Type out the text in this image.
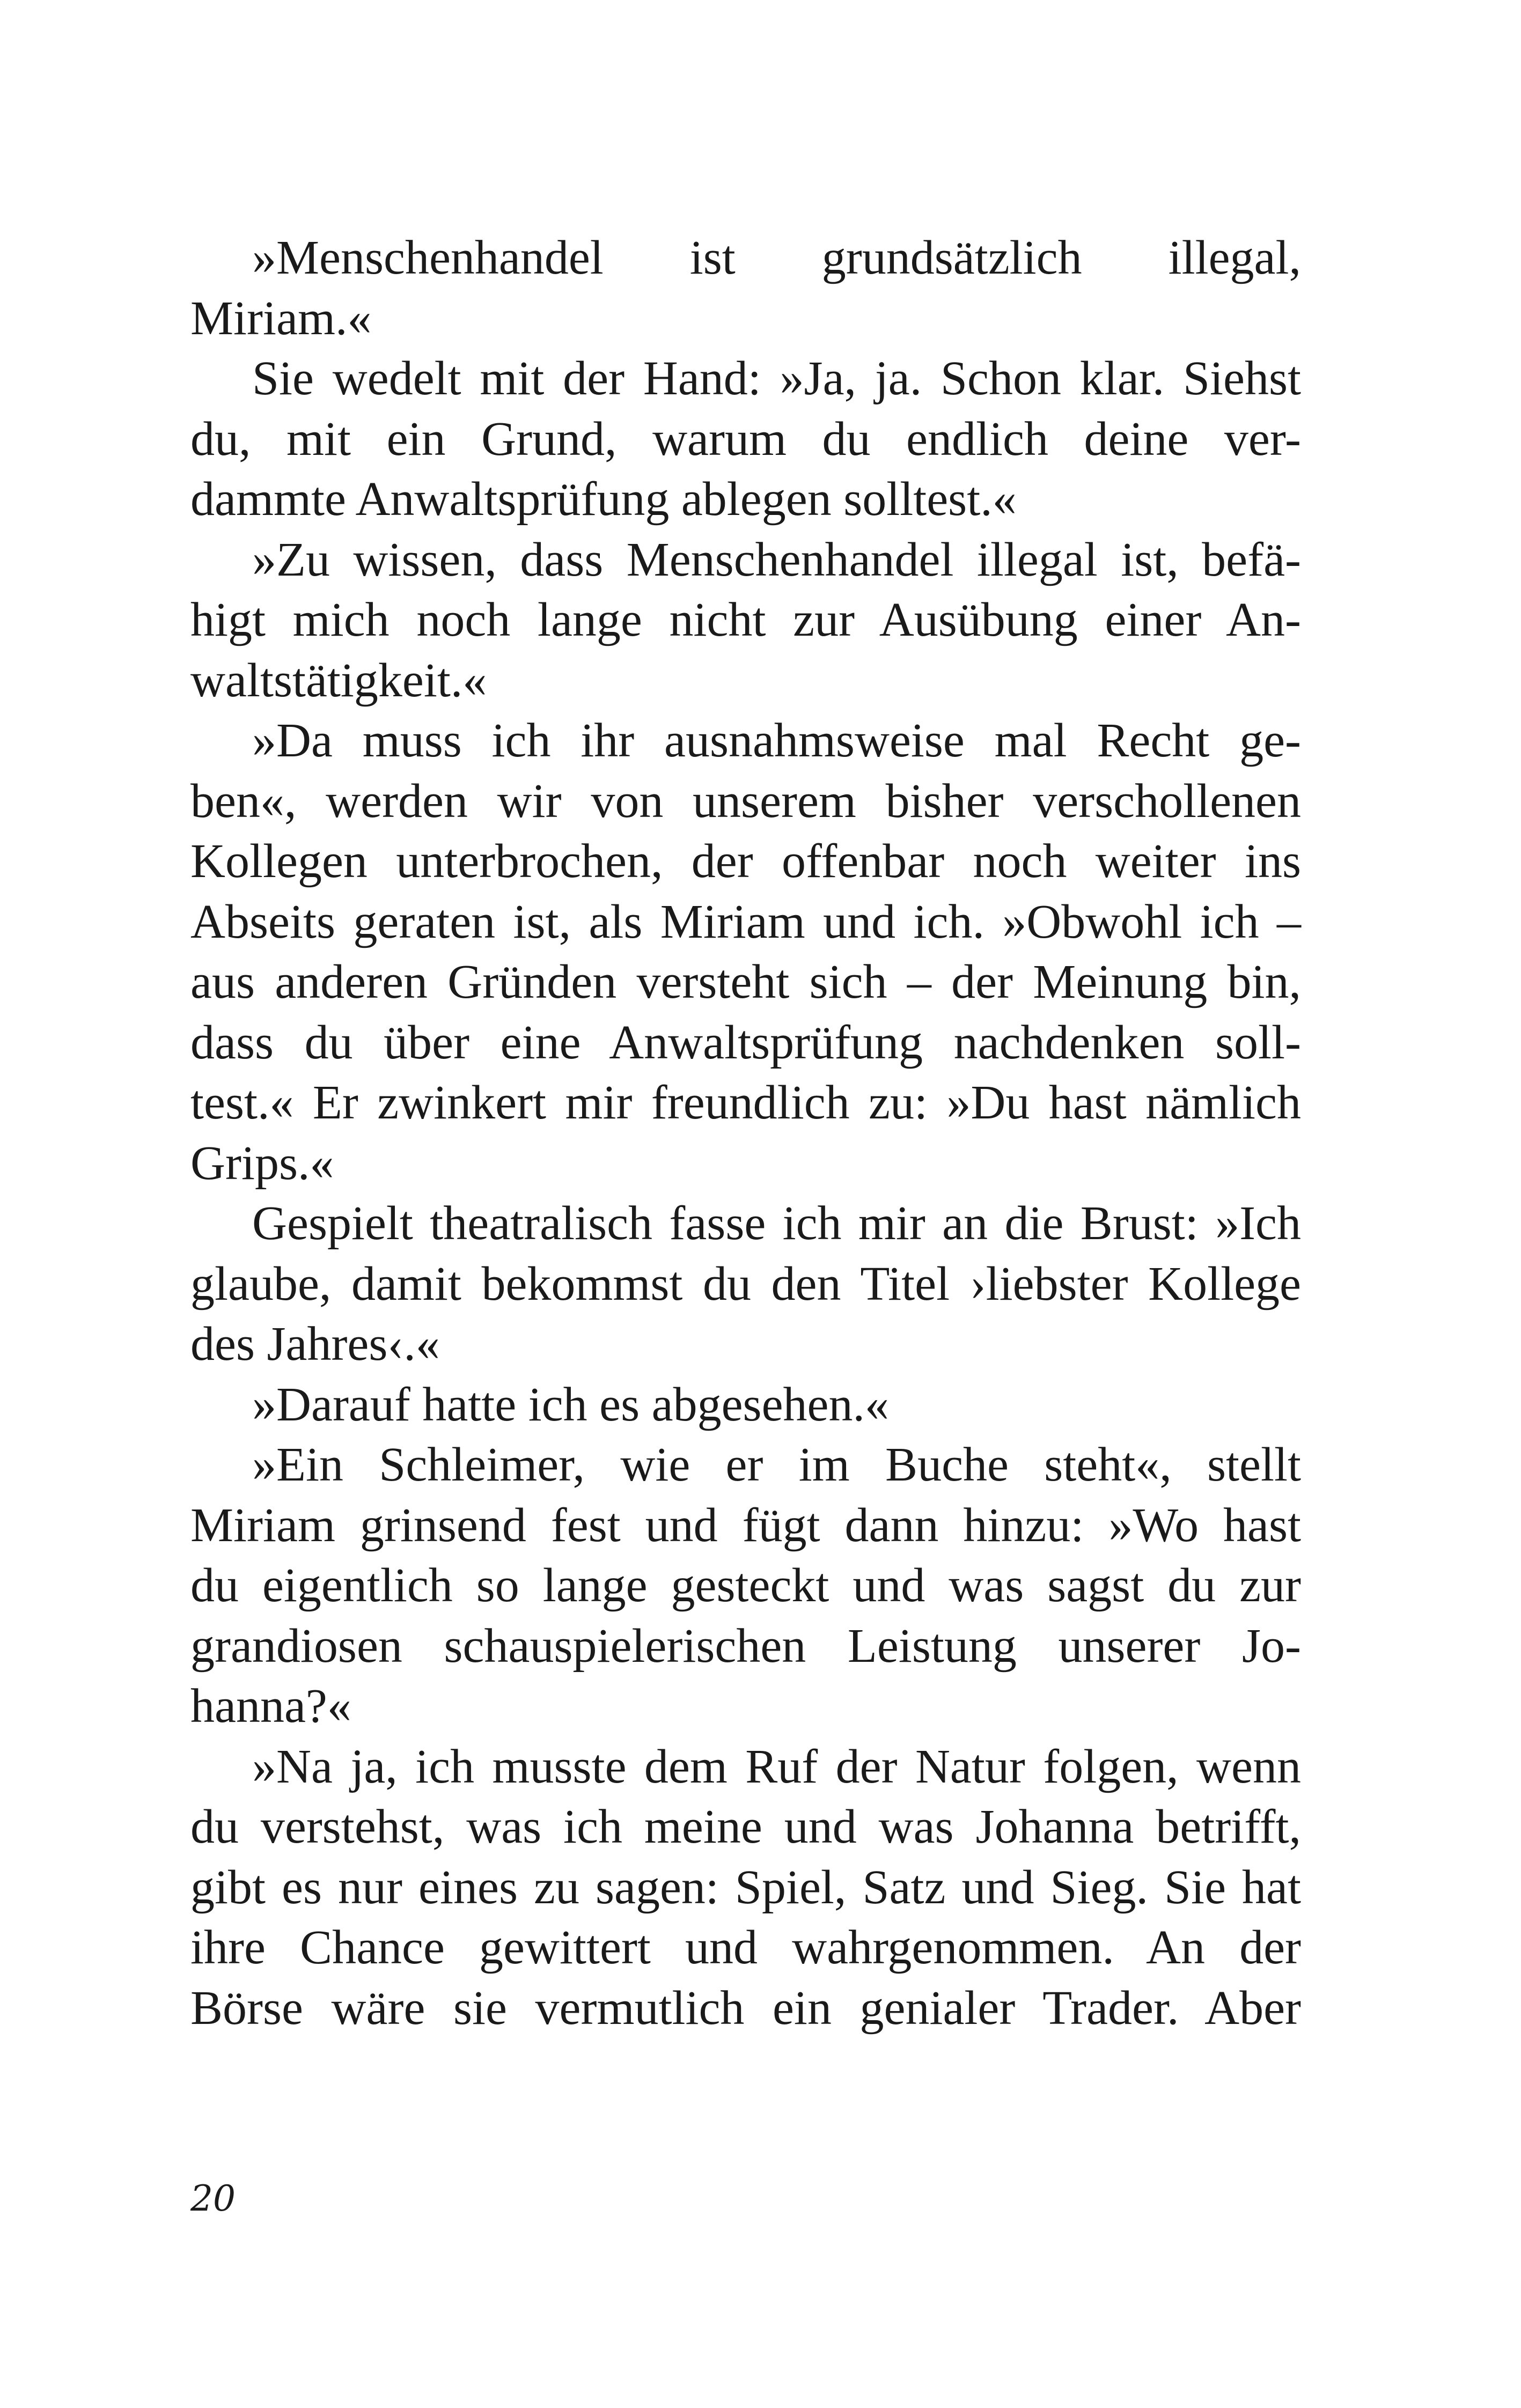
»Menschenhandel ist grundsätzlich illegal,
Miriam.«
Sie wedelt mit der Hand: »Ja, ja. Schon klar. Siehst
du, mit ein Grund, warum du endlich deine ver-
dammte Anwaltsprüfung ablegen solltest.«
»Zu wissen, dass Menschenhandel illegal ist, befä-
higt mich noch lange nicht zur Ausübung einer An-
waltstätigkeit.«
»Da muss ich ihr ausnahmsweise mal Recht ge-
ben«, werden wir von unserem bisher verschollenen
Kollegen unterbrochen, der offenbar noch weiter ins
Abseits geraten ist, als Miriam und ich. »Obwohl ich –
aus anderen Gründen versteht sich – der Meinung bin,
dass du über eine Anwaltsprüfung nachdenken soll-
test.« Er zwinkert mir freundlich zu: »Du hast nämlich
Grips.«
Gespielt theatralisch fasse ich mir an die Brust: »Ich
glaube, damit bekommst du den Titel ›liebster Kollege
des Jahres‹.«
»Darauf hatte ich es abgesehen.«
»Ein Schleimer, wie er im Buche steht«, stellt
Miriam grinsend fest und fügt dann hinzu: »Wo hast
du eigentlich so lange gesteckt und was sagst du zur
grandiosen schauspielerischen Leistung unserer Jo-
hanna?«
»Na ja, ich musste dem Ruf der Natur folgen, wenn
du verstehst, was ich meine und was Johanna betrifft,
gibt es nur eines zu sagen: Spiel, Satz und Sieg. Sie hat
ihre Chance gewittert und wahrgenommen. An der
Börse wäre sie vermutlich ein genialer Trader. Aber
20
